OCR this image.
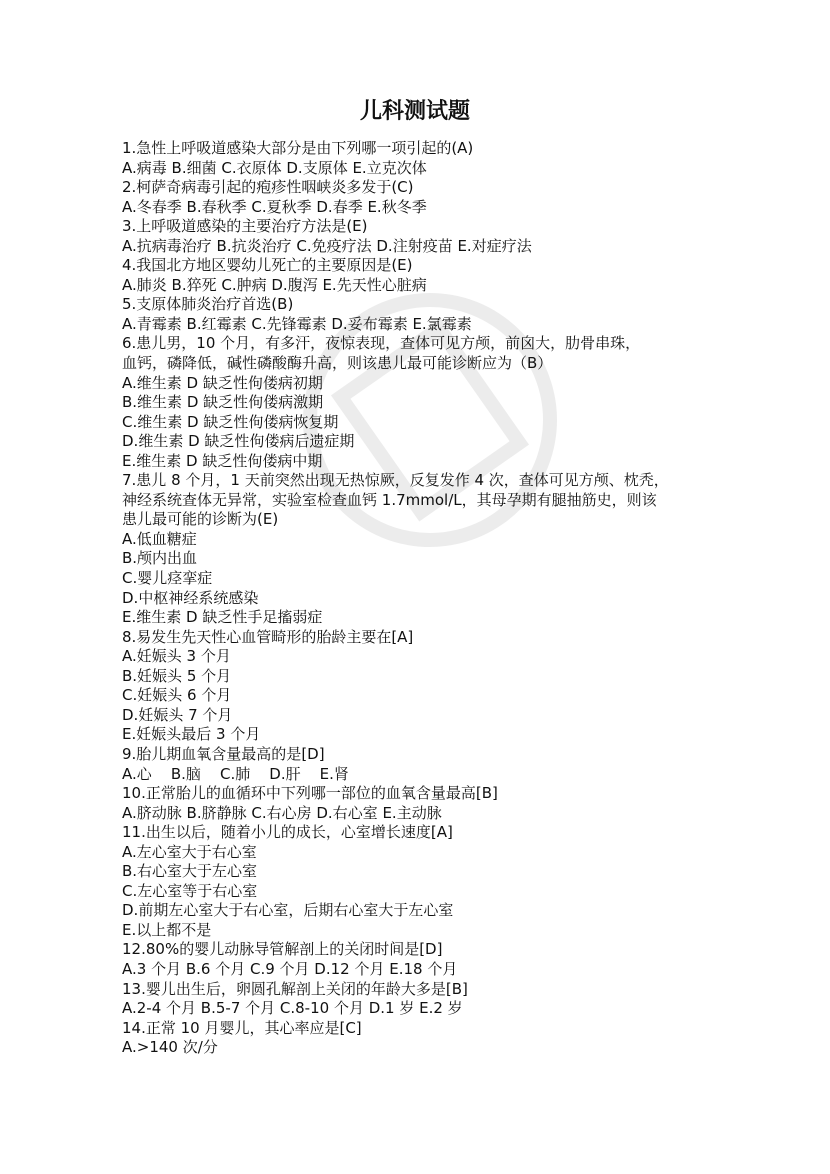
儿科测试题
1.急性上呼吸道感染大部分是由下列哪一项引起的(A)
A.病毒 B.细菌 C.衣原体 D.支原体 E.立克次体
2.柯萨奇病毒引起的疱疹性咽峡炎多发于(C)
A.冬春季 B.春秋季 C.夏秋季 D.春季 E.秋冬季
3.上呼吸道感染的主要治疗方法是(E)
A.抗病毒治疗 B.抗炎治疗 C.免疫疗法 D.注射疫苗 E.对症疗法
4.我国北方地区婴幼儿死亡的主要原因是(E)
A.肺炎 B.猝死 C.肿病 D.腹泻 E.先天性心脏病
5.支原体肺炎治疗首选(B)
A.青霉素 B.红霉素 C.先锋霉素 D.妥布霉素 E.氯霉素
6.患儿男，10 个月，有多汗，夜惊表现，查体可见方颅，前囟大，肋骨串珠，
血钙，磷降低，碱性磷酸酶升高，则该患儿最可能诊断应为（B）
A.维生素 D 缺乏性佝偻病初期
B.维生素 D 缺乏性佝偻病激期
C.维生素 D 缺乏性佝偻病恢复期
D.维生素 D 缺乏性佝偻病后遗症期
E.维生素 D 缺乏性佝偻病中期
7.患儿 8 个月，1 天前突然出现无热惊厥，反复发作 4 次，查体可见方颅、枕秃，
神经系统查体无异常，实验室检查血钙 1.7mmol/L，其母孕期有腿抽筋史，则该
患儿最可能的诊断为(E)
A.低血糖症
B.颅内出血
C.婴儿痉挛症
D.中枢神经系统感染
E.维生素 D 缺乏性手足搐弱症
8.易发生先天性心血管畸形的胎龄主要在[A]
A.妊娠头 3 个月
B.妊娠头 5 个月
C.妊娠头 6 个月
D.妊娠头 7 个月
E.妊娠头最后 3 个月
9.胎儿期血氧含量最高的是[D]
A.心    B.脑    C.肺    D.肝    E.肾
10.正常胎儿的血循环中下列哪一部位的血氧含量最高[B]
A.脐动脉 B.脐静脉 C.右心房 D.右心室 E.主动脉
11.出生以后，随着小儿的成长，心室增长速度[A]
A.左心室大于右心室
B.右心室大于左心室
C.左心室等于右心室
D.前期左心室大于右心室，后期右心室大于左心室
E.以上都不是
12.80%的婴儿动脉导管解剖上的关闭时间是[D]
A.3 个月 B.6 个月 C.9 个月 D.12 个月 E.18 个月
13.婴儿出生后，卵圆孔解剖上关闭的年龄大多是[B]
A.2-4 个月 B.5-7 个月 C.8-10 个月 D.1 岁 E.2 岁
14.正常 10 月婴儿，其心率应是[C]
A.>140 次/分
